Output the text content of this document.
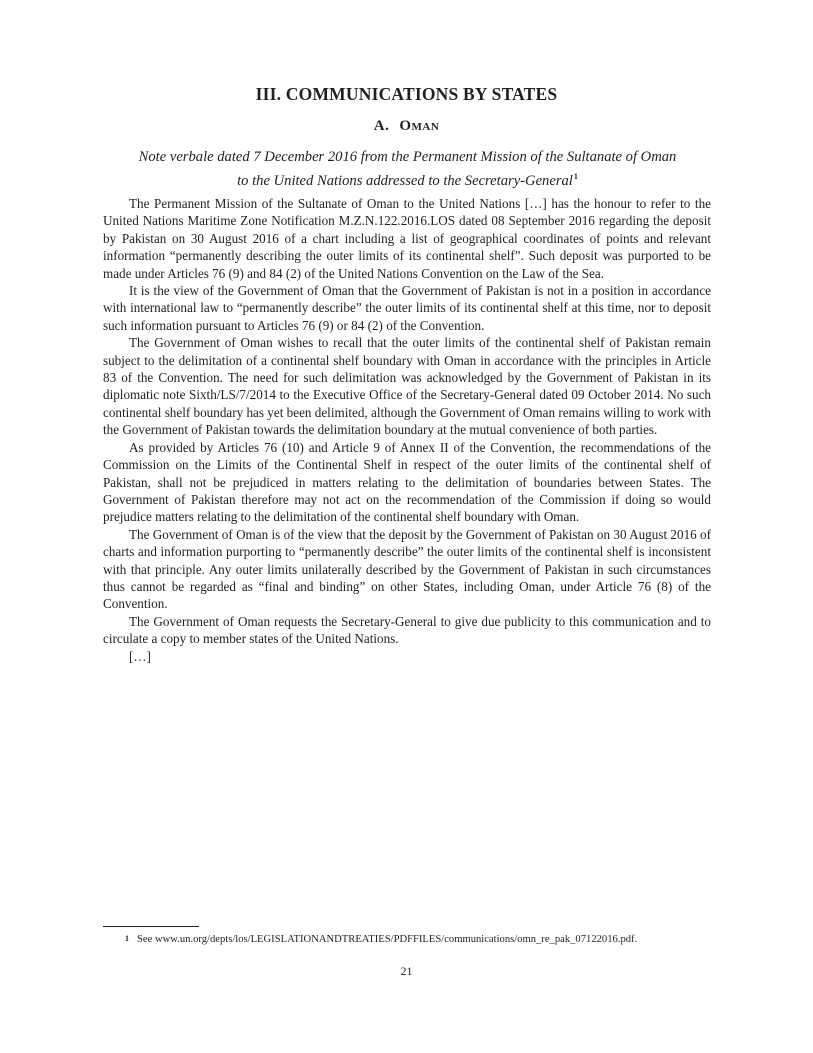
III. COMMUNICATIONS BY STATES
A. Oman
Note verbale dated 7 December 2016 from the Permanent Mission of the Sultanate of Oman
to the United Nations addressed to the Secretary-General$^1$

The Permanent Mission of the Sultanate of Oman to the United Nations […] has the honour to refer to the United Nations Maritime Zone Notification M.Z.N.122.2016.LOS dated 08 September 2016 regarding the deposit by Pakistan on 30 August 2016 of a chart including a list of geographical coordinates of points and relevant information “permanently describing the outer limits of its continental shelf”. Such deposit was purported to be made under Articles 76 (9) and 84 (2) of the United Nations Convention on the Law of the Sea.

It is the view of the Government of Oman that the Government of Pakistan is not in a position in accordance with international law to “permanently describe” the outer limits of its continental shelf at this time, nor to deposit such information pursuant to Articles 76 (9) or 84 (2) of the Convention.

The Government of Oman wishes to recall that the outer limits of the continental shelf of Pakistan remain subject to the delimitation of a continental shelf boundary with Oman in accordance with the principles in Article 83 of the Convention. The need for such delimitation was acknowledged by the Government of Pakistan in its diplomatic note Sixth/LS/7/2014 to the Executive Office of the Secretary-General dated 09 October 2014. No such continental shelf boundary has yet been delimited, although the Government of Oman remains willing to work with the Government of Pakistan towards the delimitation boundary at the mutual convenience of both parties.

As provided by Articles 76 (10) and Article 9 of Annex II of the Convention, the recommendations of the Commission on the Limits of the Continental Shelf in respect of the outer limits of the continental shelf of Pakistan, shall not be prejudiced in matters relating to the delimitation of boundaries between States. The Government of Pakistan therefore may not act on the recommendation of the Commission if doing so would prejudice matters relating to the delimitation of the continental shelf boundary with Oman.

The Government of Oman is of the view that the deposit by the Government of Pakistan on 30 August 2016 of charts and information purporting to “permanently describe” the outer limits of the continental shelf is inconsistent with that principle. Any outer limits unilaterally described by the Government of Pakistan in such circumstances thus cannot be regarded as “final and binding” on other States, including Oman, under Article 76 (8) of the Convention.

The Government of Oman requests the Secretary-General to give due publicity to this communication and to circulate a copy to member states of the United Nations.

[…]

1 See www.un.org/depts/los/LEGISLATIONANDTREATIES/PDFFILES/communications/omn_re_pak_07122016.pdf.
21
